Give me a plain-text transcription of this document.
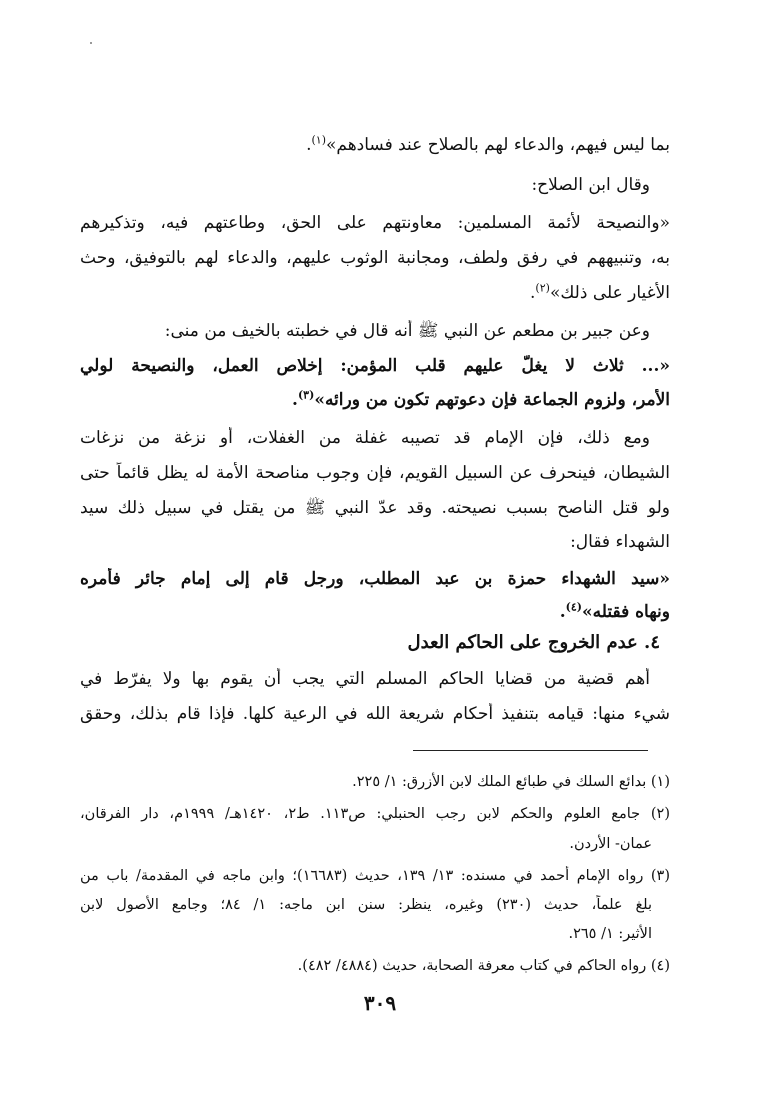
بما ليس فيهم، والدعاء لهم بالصلاح عند فسادهم»$^{(١)}$.
وقال ابن الصلاح:
«والنصيحة لأئمة المسلمين: معاونتهم على الحق، وطاعتهم فيه، وتذكيرهم
به، وتنبيههم في رفق ولطف، ومجانبة الوثوب عليهم، والدعاء لهم بالتوفيق، وحث
الأغيار على ذلك»$^{(٢)}$.
وعن جبير بن مطعم عن النبي ﷺ أنه قال في خطبته بالخيف من منى:
«... ثلاث لا يغلّ عليهم قلب المؤمن: إخلاص العمل، والنصيحة لولي
الأمر، ولزوم الجماعة فإن دعوتهم تكون من ورائه»$^{(٣)}$.
ومع ذلك، فإن الإمام قد تصيبه غفلة من الغفلات، أو نزغة من نزغات
الشيطان، فينحرف عن السبيل القويم، فإن وجوب مناصحة الأمة له يظل قائماً حتى
ولو قتل الناصح بسبب نصيحته. وقد عدّ النبي ﷺ من يقتل في سبيل ذلك سيد
الشهداء فقال:
«سيد الشهداء حمزة بن عبد المطلب، ورجل قام إلى إمام جائر فأمره
ونهاه فقتله»$^{(٤)}$.
٤. عدم الخروج على الحاكم العدل
أهم قضية من قضايا الحاكم المسلم التي يجب أن يقوم بها ولا يفرّط في
شيء منها: قيامه بتنفيذ أحكام شريعة الله في الرعية كلها. فإذا قام بذلك، وحقق
(١) بدائع السلك في طبائع الملك لابن الأزرق: ١/ ٢٢٥.
(٢) جامع العلوم والحكم لابن رجب الحنبلي: ص١١٣. ط٢، ١٤٢٠هـ/ ١٩٩٩م، دار الفرقان،
عمان- الأردن.
(٣) رواه الإمام أحمد في مسنده: ١٣/ ١٣٩، حديث (١٦٦٨٣)؛ وابن ماجه في المقدمة/ باب من
بلغ علماً، حديث (٢٣٠) وغيره، ينظر: سنن ابن ماجه: ١/ ٨٤؛ وجامع الأصول لابن
الأثير: ١/ ٢٦٥.
(٤) رواه الحاكم في كتاب معرفة الصحابة، حديث (٤٨٨٤/ ٤٨٢).
٣٠٩
